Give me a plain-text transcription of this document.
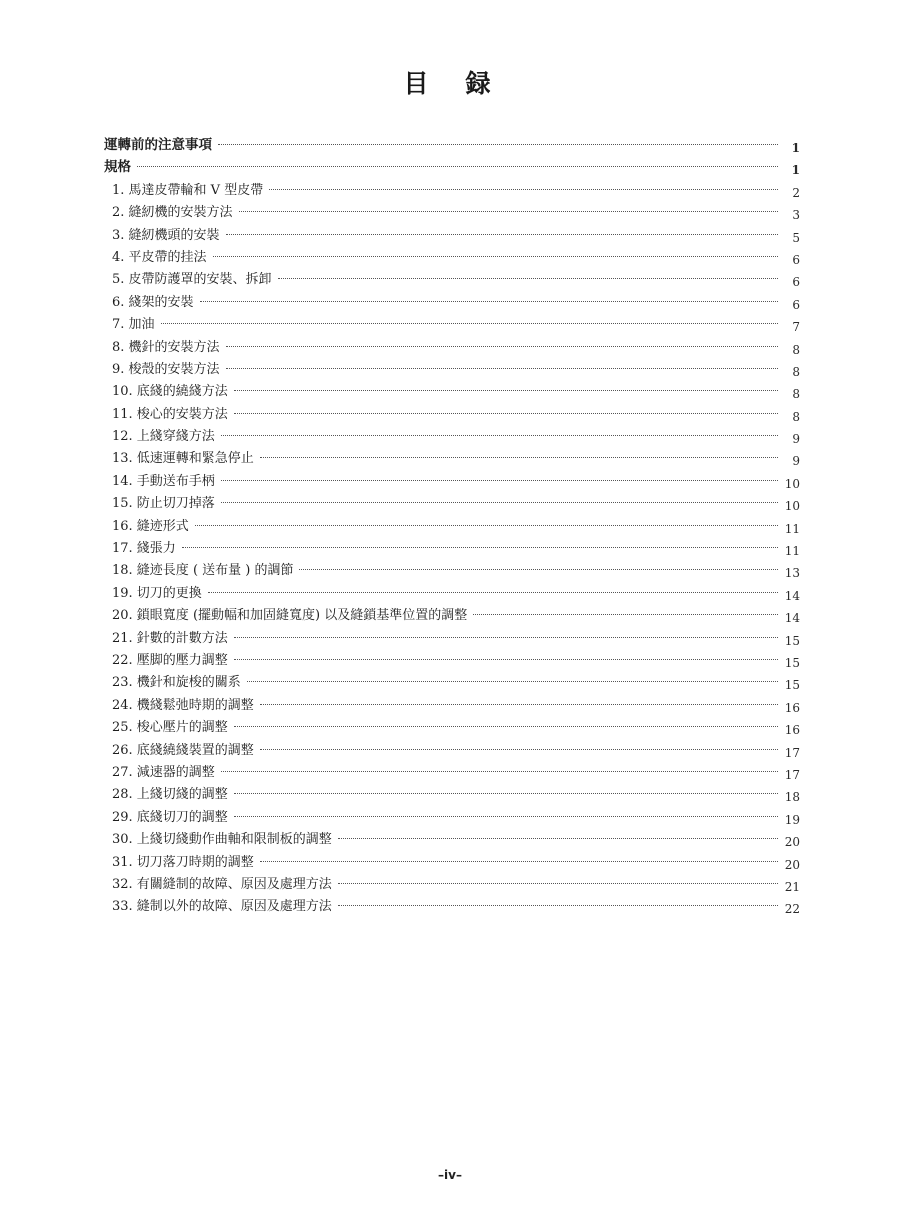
目　録
運轉前的注意事項	1
規格	1
1. 馬達皮帶輪和 V 型皮帶	2
2. 縫紉機的安裝方法	3
3. 縫紉機頭的安裝	5
4. 平皮帶的挂法	6
5. 皮帶防護罩的安裝、拆卸	6
6. 綫架的安裝	6
7. 加油	7
8. 機針的安裝方法	8
9. 梭殼的安裝方法	8
10. 底綫的繞綫方法	8
11. 梭心的安裝方法	8
12. 上綫穿綫方法	9
13. 低速運轉和緊急停止	9
14. 手動送布手柄	10
15. 防止切刀掉落	10
16. 縫迹形式	11
17. 綫張力	11
18. 縫迹長度 ( 送布量 ) 的調節	13
19. 切刀的更換	14
20. 鎖眼寬度 (擺動幅和加固縫寬度) 以及縫鎖基準位置的調整	14
21. 針數的計數方法	15
22. 壓脚的壓力調整	15
23. 機針和旋梭的關系	15
24. 機綫鬆弛時期的調整	16
25. 梭心壓片的調整	16
26. 底綫繞綫裝置的調整	17
27. 減速器的調整	17
28. 上綫切綫的調整	18
29. 底綫切刀的調整	19
30. 上綫切綫動作曲軸和限制板的調整	20
31. 切刀落刀時期的調整	20
32. 有關縫制的故障、原因及處理方法	21
33. 縫制以外的故障、原因及處理方法	22
–iv–
